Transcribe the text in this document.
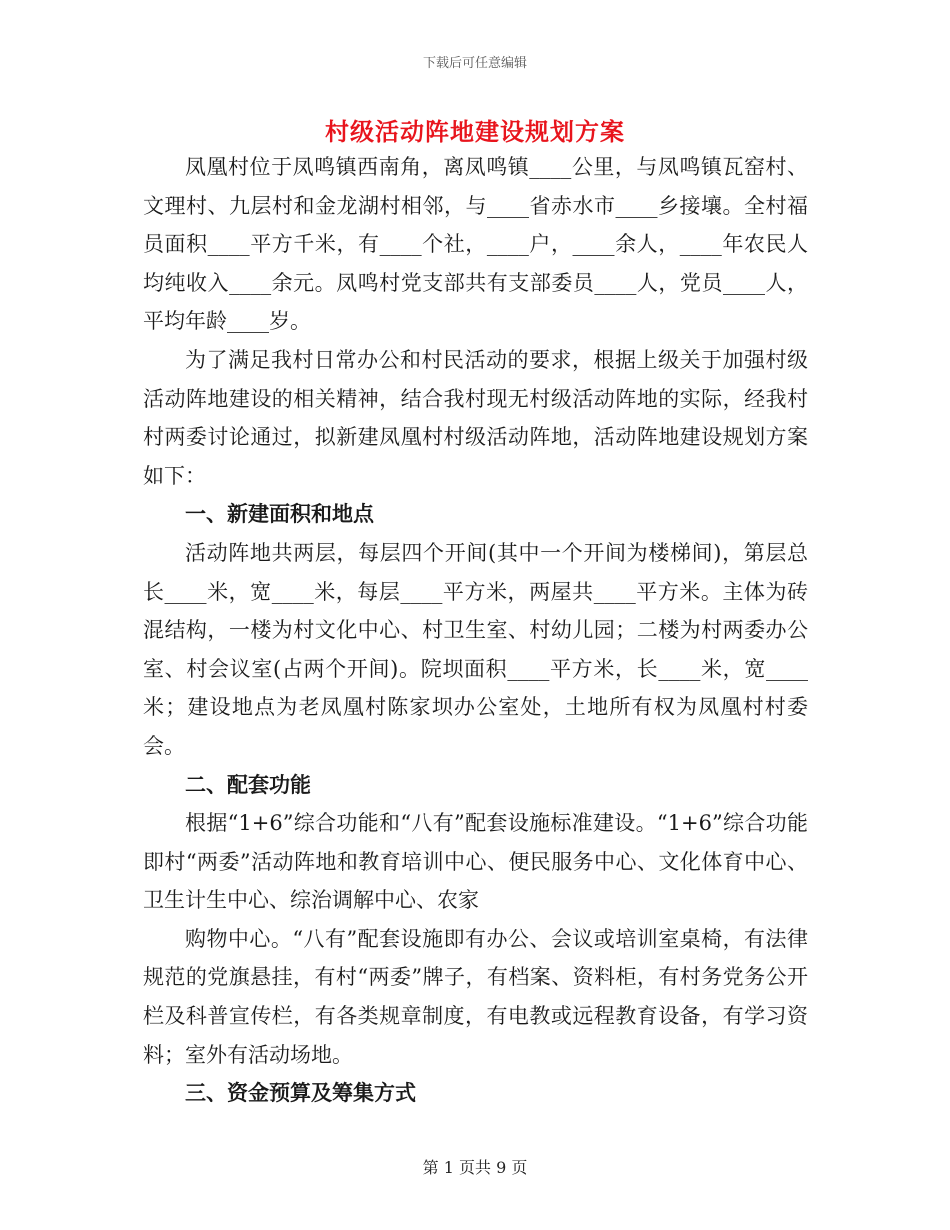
下载后可任意编辑
村级活动阵地建设规划方案

凤凰村位于凤鸣镇西南角，离凤鸣镇____公里，与凤鸣镇瓦窑村、文理村、九层村和金龙湖村相邻，与____省赤水市____乡接壤。全村福员面积____平方千米，有____个社，____户，____余人，____年农民人均纯收入____余元。凤鸣村党支部共有支部委员____人，党员____人，平均年龄____岁。

为了满足我村日常办公和村民活动的要求，根据上级关于加强村级活动阵地建设的相关精神，结合我村现无村级活动阵地的实际，经我村村两委讨论通过，拟新建凤凰村村级活动阵地，活动阵地建设规划方案如下：

一、新建面积和地点

活动阵地共两层，每层四个开间(其中一个开间为楼梯间)，第层总长____米，宽____米，每层____平方米，两屋共____平方米。主体为砖混结构，一楼为村文化中心、村卫生室、村幼儿园；二楼为村两委办公室、村会议室(占两个开间)。院坝面积____平方米，长____米，宽____米；建设地点为老凤凰村陈家坝办公室处，土地所有权为凤凰村村委会。

二、配套功能

根据“1+6”综合功能和“八有”配套设施标准建设。“1+6”综合功能即村“两委”活动阵地和教育培训中心、便民服务中心、文化体育中心、卫生计生中心、综治调解中心、农家

购物中心。“八有”配套设施即有办公、会议或培训室桌椅，有法律规范的党旗悬挂，有村“两委”牌子，有档案、资料柜，有村务党务公开栏及科普宣传栏，有各类规章制度，有电教或远程教育设备，有学习资料；室外有活动场地。

三、资金预算及筹集方式
第 1 页共 9 页
